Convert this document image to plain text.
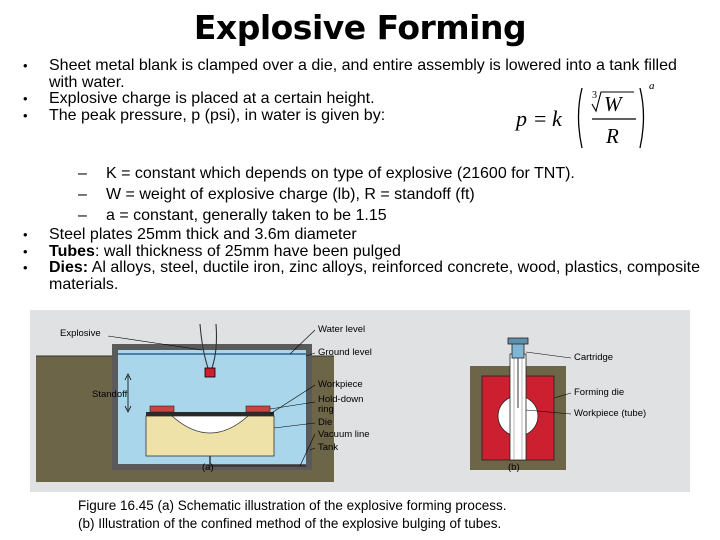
Explosive Forming
• Sheet metal blank is clamped over a die, and entire assembly is lowered into a tank filled with water.
• Explosive charge is placed at a certain height.
• The peak pressure, p (psi), in water is given by:	p = k
3 W
R
a
– K = constant which depends on type of explosive (21600 for TNT).
– W = weight of explosive charge (lb), R = standoff (ft)
– a = constant, generally taken to be 1.15
• Steel plates 25mm thick and 3.6m diameter
• Tubes: wall thickness of 25mm have been pulged
• Dies: Al alloys, steel, ductile iron, zinc alloys, reinforced concrete, wood, plastics, composite materials.
Explosive	Water level
Ground level
Workpiece
Standoff	Hold-down
ring
Die
Vacuum line
Tank
(a)
Cartridge
Forming die
Workpiece (tube)
(b)
Figure 16.45 (a) Schematic illustration of the explosive forming process.
(b) Illustration of the confined method of the explosive bulging of tubes.
